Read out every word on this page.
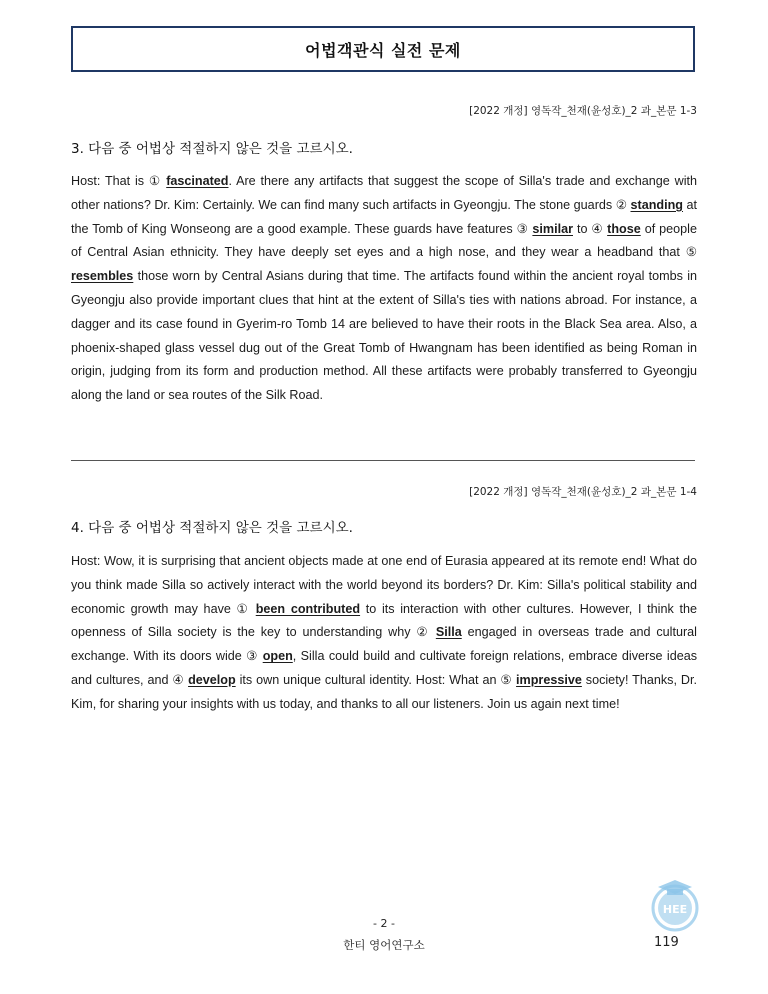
어법객관식 실전 문제
[2022 개정] 영독작_천재(윤성호)_2 과_본문 1-3
3. 다음 중 어법상 적절하지 않은 것을 고르시오.
Host: That is ① fascinated. Are there any artifacts that suggest the scope of Silla's trade and exchange with other nations? Dr. Kim: Certainly. We can find many such artifacts in Gyeongju. The stone guards ② standing at the Tomb of King Wonseong are a good example. These guards have features ③ similar to ④ those of people of Central Asian ethnicity. They have deeply set eyes and a high nose, and they wear a headband that ⑤ resembles those worn by Central Asians during that time. The artifacts found within the ancient royal tombs in Gyeongju also provide important clues that hint at the extent of Silla's ties with nations abroad. For instance, a dagger and its case found in Gyerim-ro Tomb 14 are believed to have their roots in the Black Sea area. Also, a phoenix-shaped glass vessel dug out of the Great Tomb of Hwangnam has been identified as being Roman in origin, judging from its form and production method. All these artifacts were probably transferred to Gyeongju along the land or sea routes of the Silk Road.
[2022 개정] 영독작_천재(윤성호)_2 과_본문 1-4
4. 다음 중 어법상 적절하지 않은 것을 고르시오.
Host: Wow, it is surprising that ancient objects made at one end of Eurasia appeared at its remote end! What do you think made Silla so actively interact with the world beyond its borders? Dr. Kim: Silla's political stability and economic growth may have ① been contributed to its interaction with other cultures. However, I think the openness of Silla society is the key to understanding why ② Silla engaged in overseas trade and cultural exchange. With its doors wide ③ open, Silla could build and cultivate foreign relations, embrace diverse ideas and cultures, and ④ develop its own unique cultural identity. Host: What an ⑤ impressive society! Thanks, Dr. Kim, for sharing your insights with us today, and thanks to all our listeners. Join us again next time!
HEE
- 2 -
한티 영어연구소	119
